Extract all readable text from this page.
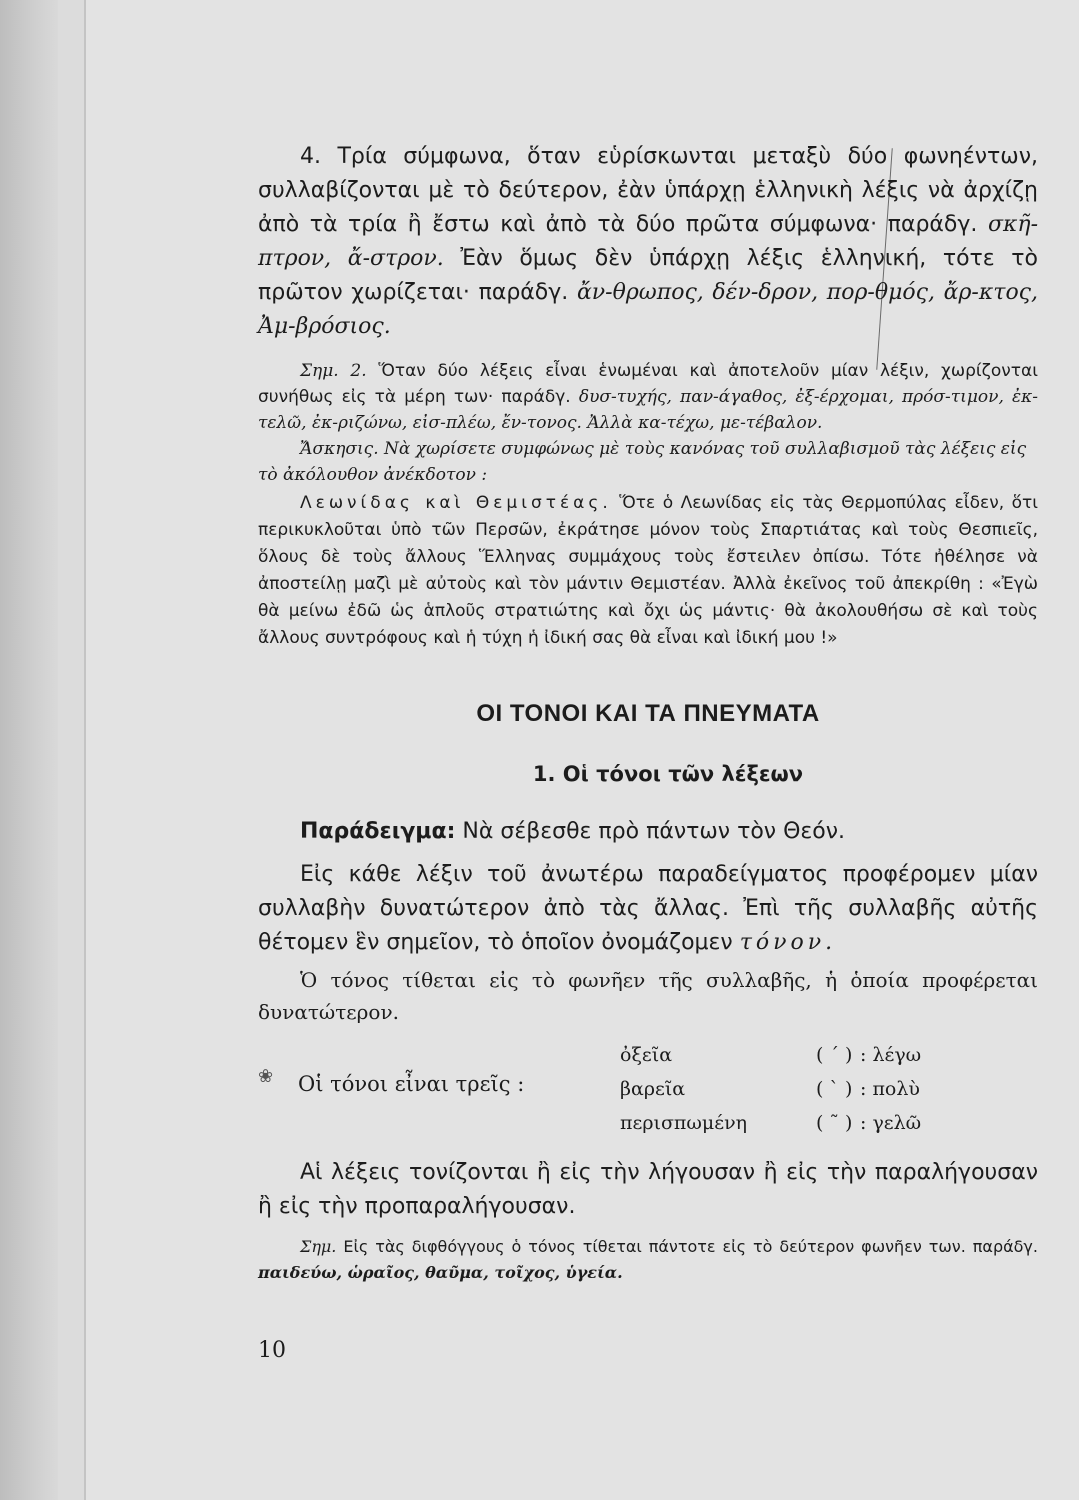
4. Τρία σύμφωνα, ὅταν εὑρίσκωνται μεταξὺ δύο φωνηέντων, συλλαβίζονται μὲ τὸ δεύτερον, ἐὰν ὑπάρχῃ ἑλληνικὴ λέξις νὰ ἀρχίζῃ ἀπὸ τὰ τρία ἢ ἔστω καὶ ἀπὸ τὰ δύο πρῶτα σύμφωνα· παράδγ. σκῆ-πτρον, ἄ-στρον. Ἐὰν ὅμως δὲν ὑπάρχῃ λέξις ἑλληνική, τότε τὸ πρῶτον χωρίζεται· παράδγ. ἄν-θρωπος, δέν-δρον, πορ-θμός, ἄρ-κτος, Ἀμ-βρόσιος.

Σημ. 2. Ὅταν δύο λέξεις εἶναι ἑνωμέναι καὶ ἀποτελοῦν μίαν λέξιν, χωρίζονται συνήθως εἰς τὰ μέρη των· παράδγ. δυσ-τυχής, παν-άγαθος, ἐξ-έρχομαι, πρόσ-τιμον, ἐκ-τελῶ, ἐκ-ριζώνω, εἰσ-πλέω, ἔν-τονος. Ἀλλὰ κα-τέχω, με-τέβαλον.

Ἄσκησις. Νὰ χωρίσετε συμφώνως μὲ τοὺς κανόνας τοῦ συλλαβισμοῦ τὰς λέξεις εἰς τὸ ἀκόλουθον ἀνέκδοτον :

Λεωνίδας καὶ Θεμιστέας. Ὅτε ὁ Λεωνίδας εἰς τὰς Θερμοπύλας εἶδεν, ὅτι περικυκλοῦται ὑπὸ τῶν Περσῶν, ἐκράτησε μόνον τοὺς Σπαρτιάτας καὶ τοὺς Θεσπιεῖς, ὅλους δὲ τοὺς ἄλλους Ἕλληνας συμμάχους τοὺς ἔστειλεν ὀπίσω. Τότε ἠθέλησε νὰ ἀποστείλῃ μαζὶ μὲ αὐτοὺς καὶ τὸν μάντιν Θεμιστέαν. Ἀλλὰ ἐκεῖνος τοῦ ἀπεκρίθη : «Ἐγὼ θὰ μείνω ἐδῶ ὡς ἁπλοῦς στρατιώτης καὶ ὄχι ὡς μάντις· θὰ ἀκολουθήσω σὲ καὶ τοὺς ἄλλους συντρόφους καὶ ἡ τύχη ἡ ἰδική σας θὰ εἶναι καὶ ἰδική μου !»

ΟΙ ΤΟΝΟΙ ΚΑΙ ΤΑ ΠΝΕΥΜΑΤΑ
1. Οἱ τόνοι τῶν λέξεων

Παράδειγμα: Νὰ σέβεσθε πρὸ πάντων τὸν Θεόν.

Εἰς κάθε λέξιν τοῦ ἀνωτέρω παραδείγματος προφέρομεν μίαν συλλαβὴν δυνατώτερον ἀπὸ τὰς ἄλλας. Ἐπὶ τῆς συλλαβῆς αὐτῆς θέτομεν ἓν σημεῖον, τὸ ὁποῖον ὀνομάζομεν τόνον.

Ὁ τόνος τίθεται εἰς τὸ φωνῆεν τῆς συλλαβῆς, ἡ ὁποία προφέρεται δυνατώτερον.

❀ Οἱ τόνοι εἶναι τρεῖς :
ὀξεῖα	( ΄ )	: λέγω
βαρεῖα	( ` )	: πολὺ
περισπωμένη	( ῀ )	: γελῶ

Αἱ λέξεις τονίζονται ἢ εἰς τὴν λήγουσαν ἢ εἰς τὴν παραλήγουσαν ἢ εἰς τὴν προπαραλήγουσαν.

Σημ. Εἰς τὰς διφθόγγους ὁ τόνος τίθεται πάντοτε εἰς τὸ δεύτερον φωνῆεν των. παράδγ. παιδεύω, ὡραῖος, θαῦμα, τοῖχος, ὑγεία.

10
